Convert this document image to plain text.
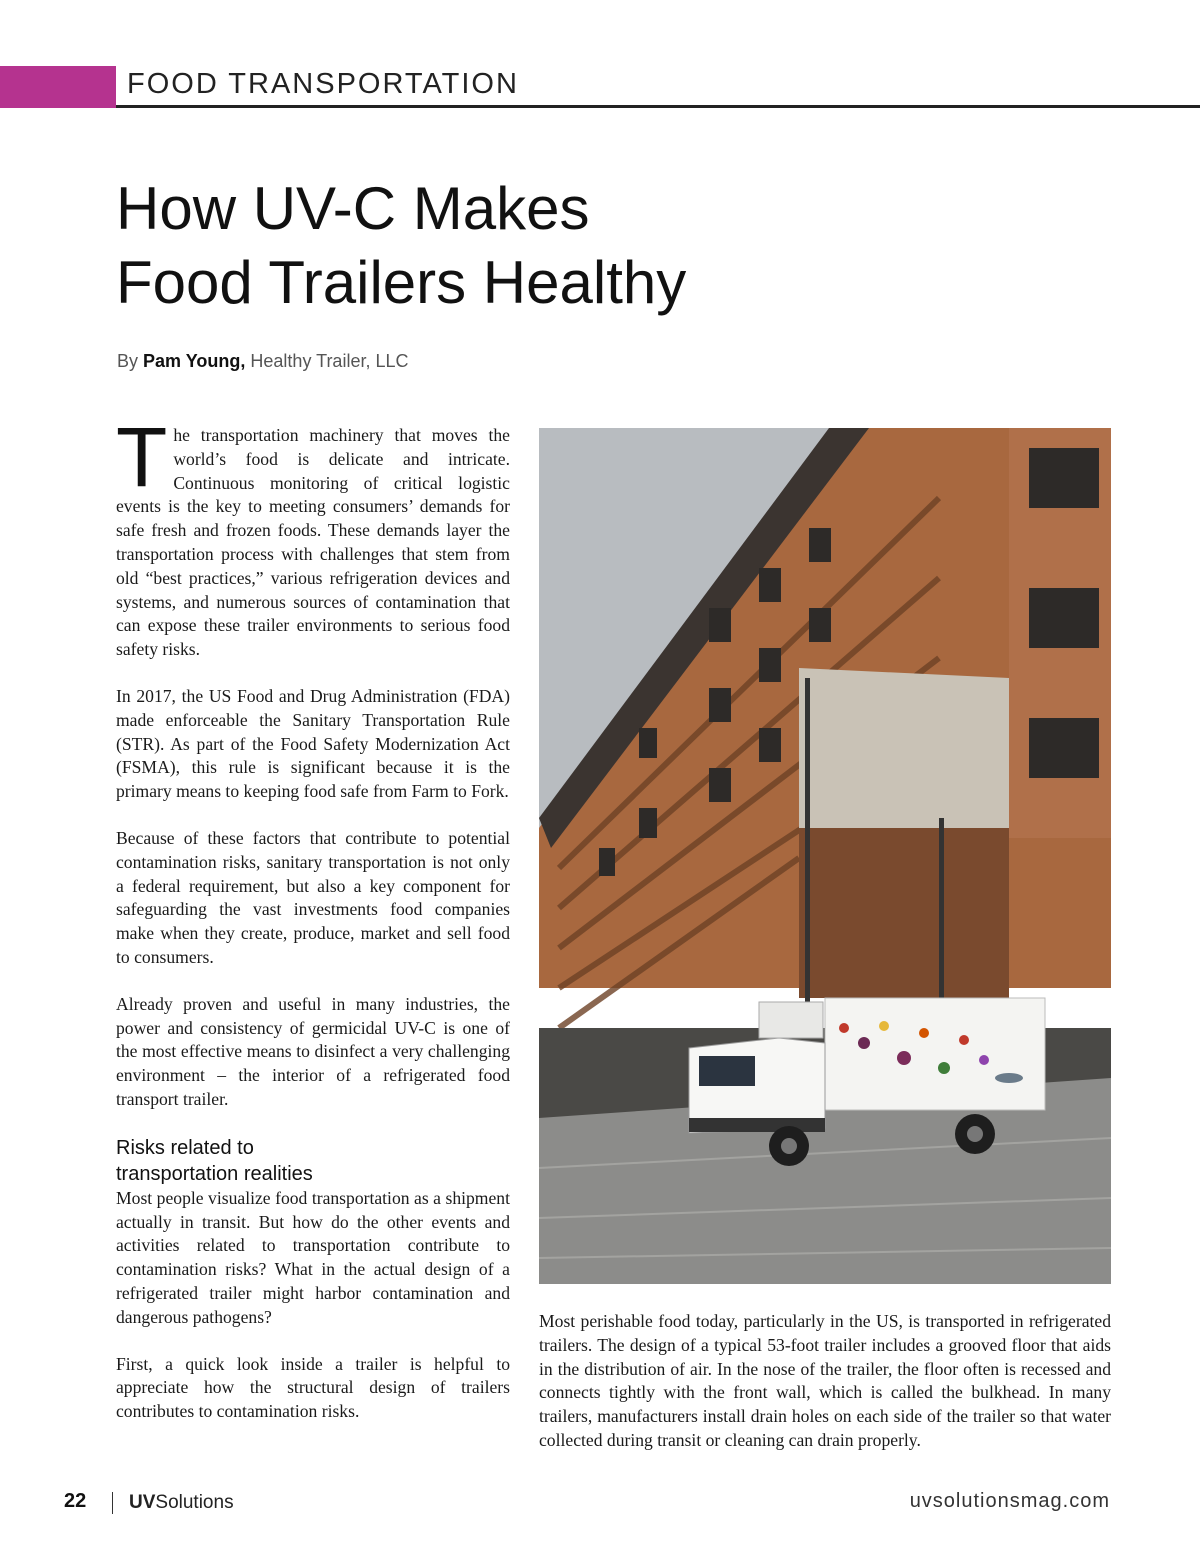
FOOD TRANSPORTATION
How UV-C Makes
Food Trailers Healthy
By Pam Young, Healthy Trailer, LLC

The transportation machinery that moves the world’s food is delicate and intricate. Continuous monitoring of critical logistic events is the key to meeting consumers’ demands for safe fresh and frozen foods. These demands layer the transportation process with challenges that stem from old “best practices,” various refrigeration devices and systems, and numerous sources of contamination that can expose these trailer environments to serious food safety risks.

In 2017, the US Food and Drug Administration (FDA) made enforceable the Sanitary Transportation Rule (STR). As part of the Food Safety Modernization Act (FSMA), this rule is significant because it is the primary means to keeping food safe from Farm to Fork.

Because of these factors that contribute to potential contamination risks, sanitary transportation is not only a federal requirement, but also a key component for safeguarding the vast investments food companies make when they create, produce, market and sell food to consumers.

Already proven and useful in many industries, the power and consistency of germicidal UV-C is one of the most effective means to disinfect a very challenging environment – the interior of a refrigerated food transport trailer.

Risks related to
transportation realities

Most people visualize food transportation as a shipment actually in transit. But how do the other events and activities related to transportation contribute to contamination risks? What in the actual design of a refrigerated trailer might harbor contamination and dangerous pathogens?

First, a quick look inside a trailer is helpful to appreciate how the structural design of trailers contributes to contamination risks.

Most perishable food today, particularly in the US, is transported in refrigerated trailers. The design of a typical 53-foot trailer includes a grooved floor that aids in the distribution of air. In the nose of the trailer, the floor often is recessed and connects tightly with the front wall, which is called the bulkhead. In many trailers, manufacturers install drain holes on each side of the trailer so that water collected during transit or cleaning can drain properly.

22 UVSolutions	uvsolutionsmag.com
